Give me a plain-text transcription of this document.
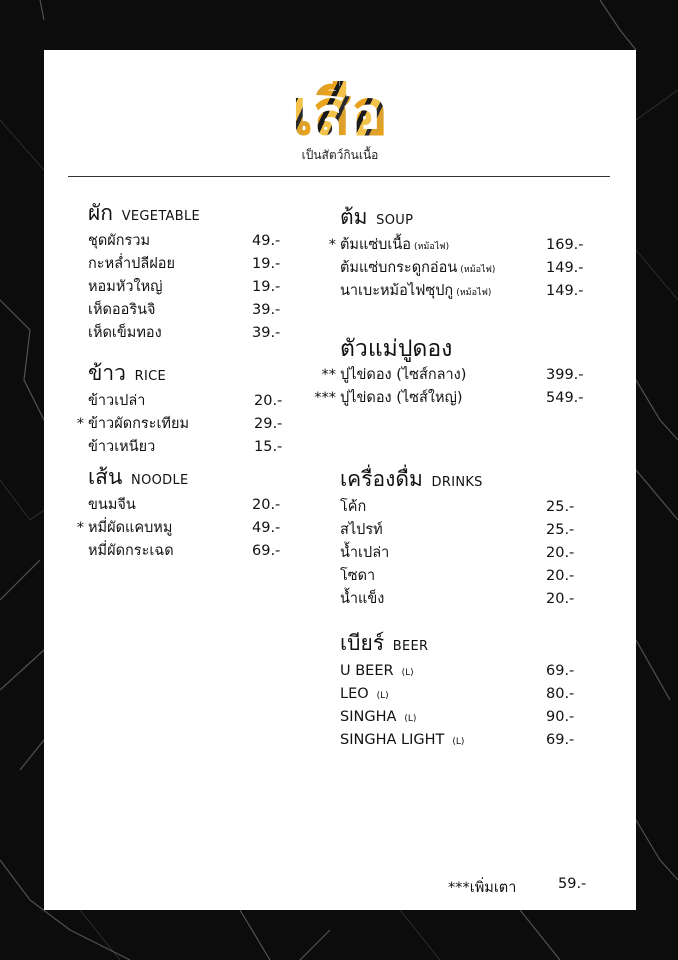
เสือ
เป็นสัตว์กินเนื้อ
ผัก VEGETABLE
ชุดผักรวม	49.-
กะหล่ำปลีฝอย	19.-
หอมหัวใหญ่	19.-
เห็ดออรินจิ	39.-
เห็ดเข็มทอง	39.-
ข้าว RICE
ข้าวเปล่า	20.-
* ข้าวผัดกระเทียม	29.-
ข้าวเหนียว	15.-
เส้น NOODLE
ขนมจีน	20.-
* หมี่ผัดแคบหมู	49.-
หมี่ผัดกระเฉด	69.-
ต้ม SOUP
* ต้มแซ่บเนื้อ (หม้อไฟ)	169.-
ต้มแซ่บกระดูกอ่อน (หม้อไฟ)	149.-
นาเบะหม้อไฟซุปกู (หม้อไฟ)	149.-
ตัวแม่ปูดอง
** ปูไข่ดอง (ไซส์กลาง)	399.-
*** ปูไข่ดอง (ไซส์ใหญ่)	549.-
เครื่องดื่ม DRINKS
โค้ก	25.-
สไปรท์	25.-
น้ำเปล่า	20.-
โซดา	20.-
น้ำแข็ง	20.-
เบียร์ BEER
U BEER (L)	69.-
LEO (L)	80.-
SINGHA (L)	90.-
SINGHA LIGHT (L)	69.-
***เพิ่มเตา	59.-
